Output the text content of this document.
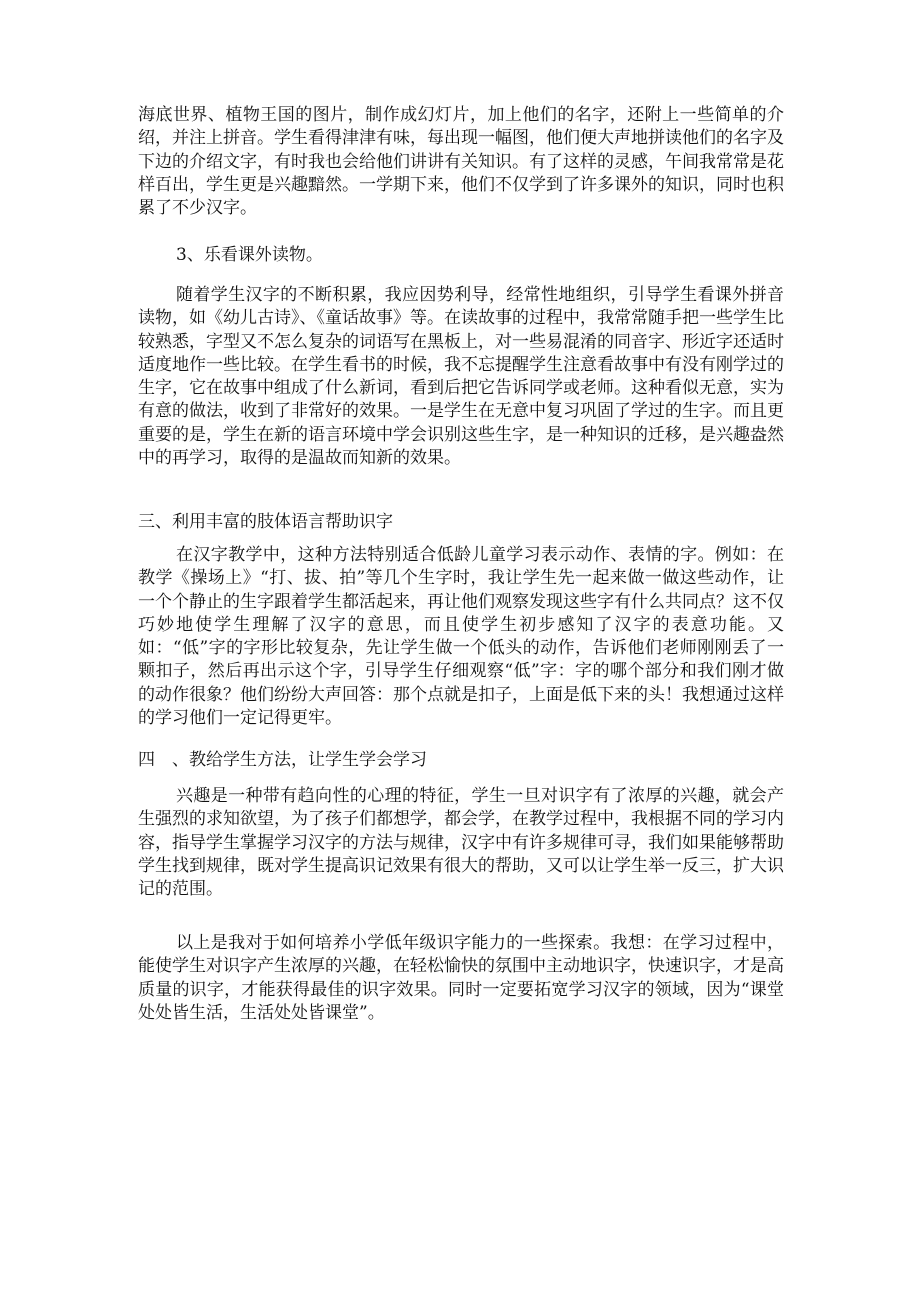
海底世界、植物王国的图片，制作成幻灯片，加上他们的名字，还附上一些简单的介绍，并注上拼音。学生看得津津有味，每出现一幅图，他们便大声地拼读他们的名字及下边的介绍文字，有时我也会给他们讲讲有关知识。有了这样的灵感，午间我常常是花样百出，学生更是兴趣黯然。一学期下来，他们不仅学到了许多课外的知识，同时也积累了不少汉字。

3、乐看课外读物。

随着学生汉字的不断积累，我应因势利导，经常性地组织，引导学生看课外拼音读物，如《幼儿古诗》、《童话故事》等。在读故事的过程中，我常常随手把一些学生比较熟悉，字型又不怎么复杂的词语写在黑板上，对一些易混淆的同音字、形近字还适时适度地作一些比较。在学生看书的时候，我不忘提醒学生注意看故事中有没有刚学过的生字，它在故事中组成了什么新词，看到后把它告诉同学或老师。这种看似无意，实为有意的做法，收到了非常好的效果。一是学生在无意中复习巩固了学过的生字。而且更重要的是，学生在新的语言环境中学会识别这些生字，是一种知识的迁移，是兴趣盎然中的再学习，取得的是温故而知新的效果。

三、利用丰富的肢体语言帮助识字

在汉字教学中，这种方法特别适合低龄儿童学习表示动作、表情的字。例如：在教学《操场上》“打、拔、拍”等几个生字时，我让学生先一起来做一做这些动作，让一个个静止的生字跟着学生都活起来，再让他们观察发现这些字有什么共同点？这不仅巧妙地使学生理解了汉字的意思，而且使学生初步感知了汉字的表意功能。又如：“低”字的字形比较复杂，先让学生做一个低头的动作，告诉他们老师刚刚丢了一颗扣子，然后再出示这个字，引导学生仔细观察“低”字：字的哪个部分和我们刚才做的动作很象？他们纷纷大声回答：那个点就是扣子，上面是低下来的头！我想通过这样的学习他们一定记得更牢。

四　、教给学生方法，让学生学会学习

兴趣是一种带有趋向性的心理的特征，学生一旦对识字有了浓厚的兴趣，就会产生强烈的求知欲望，为了孩子们都想学，都会学，在教学过程中，我根据不同的学习内容，指导学生掌握学习汉字的方法与规律，汉字中有许多规律可寻，我们如果能够帮助学生找到规律，既对学生提高识记效果有很大的帮助，又可以让学生举一反三，扩大识记的范围。

以上是我对于如何培养小学低年级识字能力的一些探索。我想：在学习过程中，能使学生对识字产生浓厚的兴趣，在轻松愉快的氛围中主动地识字，快速识字，才是高质量的识字，才能获得最佳的识字效果。同时一定要拓宽学习汉字的领域，因为“课堂处处皆生活，生活处处皆课堂”。
